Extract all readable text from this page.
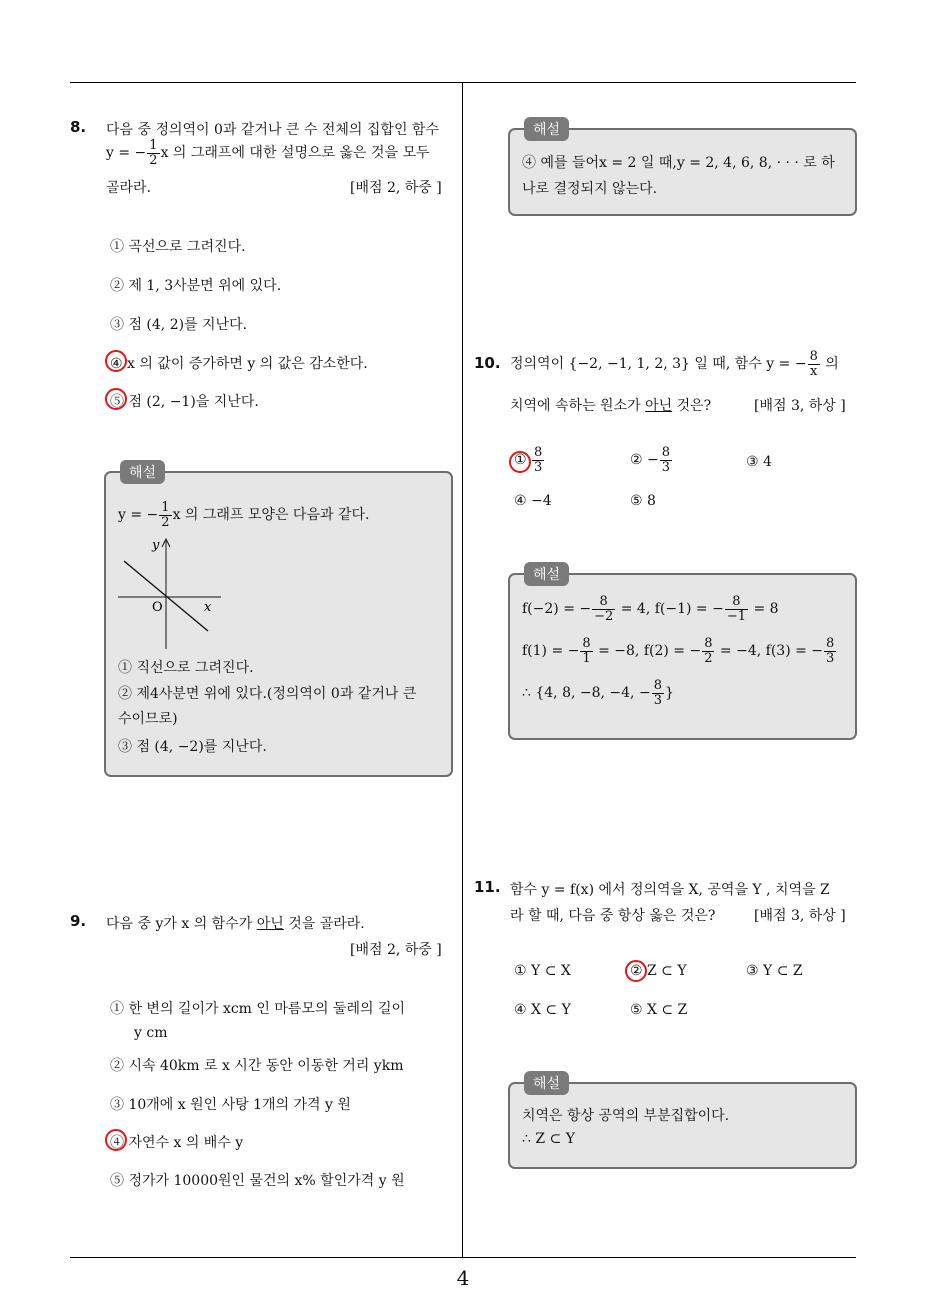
8. 다음 중 정의역이 0과 같거나 큰 수 전체의 집합인 함수
y = − $\frac{1}{2}$ x 의 그래프에 대한 설명으로 옳은 것을 모두
골라라.	[배점 2, 하중 ]
① 곡선으로 그려진다.
② 제 1, 3사분면 위에 있다.
③ 점 (4, 2)를 지난다.
④ x 의 값이 증가하면 y 의 값은 감소한다.
⑤ 점 (2, −1)을 지난다.
해설
y = − $\frac{1}{2}$ x 의 그래프 모양은 다음과 같다.
y
x
O
① 직선으로 그려진다.
② 제4사분면 위에 있다.(정의역이 0과 같거나 큰
수이므로)
③ 점 (4, −2)를 지난다.
9. 다음 중 y가 x 의 함수가 아닌 것을 골라라.
[배점 2, 하중 ]
① 한 변의 길이가 xcm 인 마름모의 둘레의 길이
y cm
② 시속 40km 로 x 시간 동안 이동한 거리 ykm
③ 10개에 x 원인 사탕 1개의 가격 y 원
④ 자연수 x 의 배수 y
⑤ 정가가 10000원인 물건의 x% 할인가격 y 원
해설
④ 예를 들어x = 2 일 때,y = 2, 4, 6, 8, · · · 로 하
나로 결정되지 않는다.
10. 정의역이 {−2, −1, 1, 2, 3} 일 때, 함수 y = − $\frac{8}{x}$ 의
치역에 속하는 원소가 아닌 것은?	[배점 3, 하상 ]
① $\frac{8}{3}$	② − $\frac{8}{3}$	③ 4
④ −4	⑤ 8
해설
f(−2) = − $\frac{8}{-2} = 4$, f(−1) = − $\frac{8}{-1} = 8$
f(1) = − $\frac{8}{1} = -8$, f(2) = − $\frac{8}{2} = -4$, f(3) = − $\frac{8}{3}$
∴ {4, 8, −8, −4, − $\frac{8}{3}$ }
11. 함수 y = f(x) 에서 정의역을 X, 공역을 Y , 치역을 Z
라 할 때, 다음 중 항상 옳은 것은?	[배점 3, 하상 ]
① Y ⊂ X	② Z ⊂ Y	③ Y ⊂ Z
④ X ⊂ Y	⑤ X ⊂ Z
해설
치역은 항상 공역의 부분집합이다.
∴ Z ⊂ Y
4
